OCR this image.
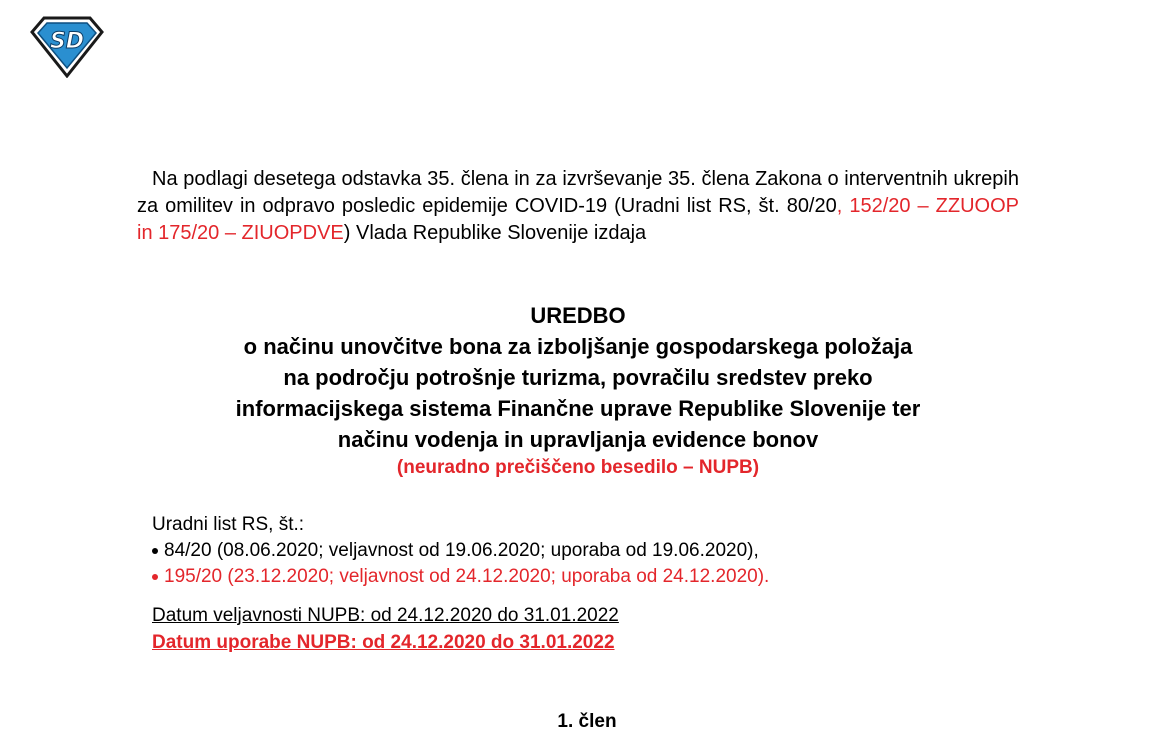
SD
Na podlagi desetega odstavka 35. člena in za izvrševanje 35. člena Zakona o interventnih ukrepih za omilitev in odpravo posledic epidemije COVID-19 (Uradni list RS, št. 80/20, 152/20 – ZZUOOP in 175/20 – ZIUOPDVE) Vlada Republike Slovenije izdaja
UREDBO
o načinu unovčitve bona za izboljšanje gospodarskega položaja
na področju potrošnje turizma, povračilu sredstev preko
informacijskega sistema Finančne uprave Republike Slovenije ter
načinu vodenja in upravljanja evidence bonov
(neuradno prečiščeno besedilo – NUPB)
Uradni list RS, št.:
84/20 (08.06.2020; veljavnost od 19.06.2020; uporaba od 19.06.2020),
195/20 (23.12.2020; veljavnost od 24.12.2020; uporaba od 24.12.2020).
Datum veljavnosti NUPB: od 24.12.2020 do 31.01.2022
Datum uporabe NUPB: od 24.12.2020 do 31.01.2022
1. člen
